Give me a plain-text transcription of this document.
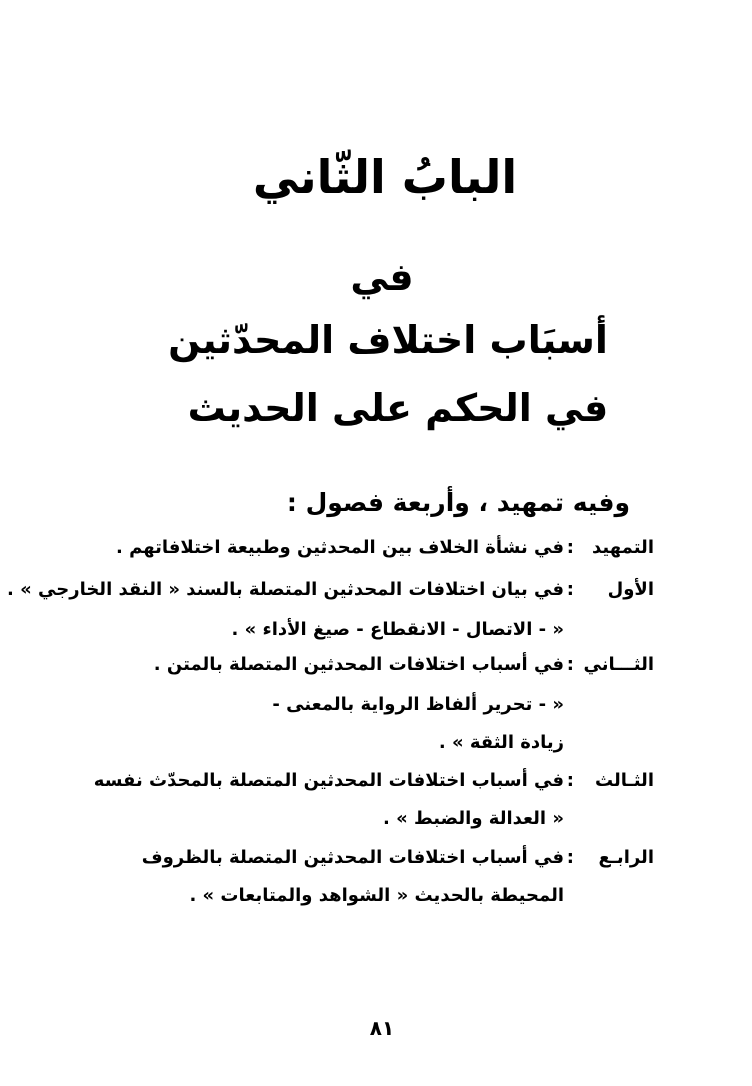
البابُ الثّاني
في
أسبَاب اختلاف المحدّثين
في الحكم على الحديث
وفيه تمهيد ، وأربعة فصول :
التمهيد
:
في نشأة الخلاف بين المحدثين وطبيعة اختلافاتهم .
الأول
:
في بيان اختلافات المحدثين المتصلة بالسند « النقد الخارجي » .
« - الاتصال - الانقطاع - صيغ الأداء » .
الثـــاني
:
في أسباب اختلافات المحدثين المتصلة بالمتن .
« - تحرير ألفاظ الرواية بالمعنى -
زيادة الثقة » .
الثـالث
:
في أسباب اختلافات المحدثين المتصلة بالمحدّث نفسه
« العدالة والضبط » .
الرابـع
:
في أسباب اختلافات المحدثين المتصلة بالظروف
المحيطة بالحديث « الشواهد والمتابعات » .
٨١
